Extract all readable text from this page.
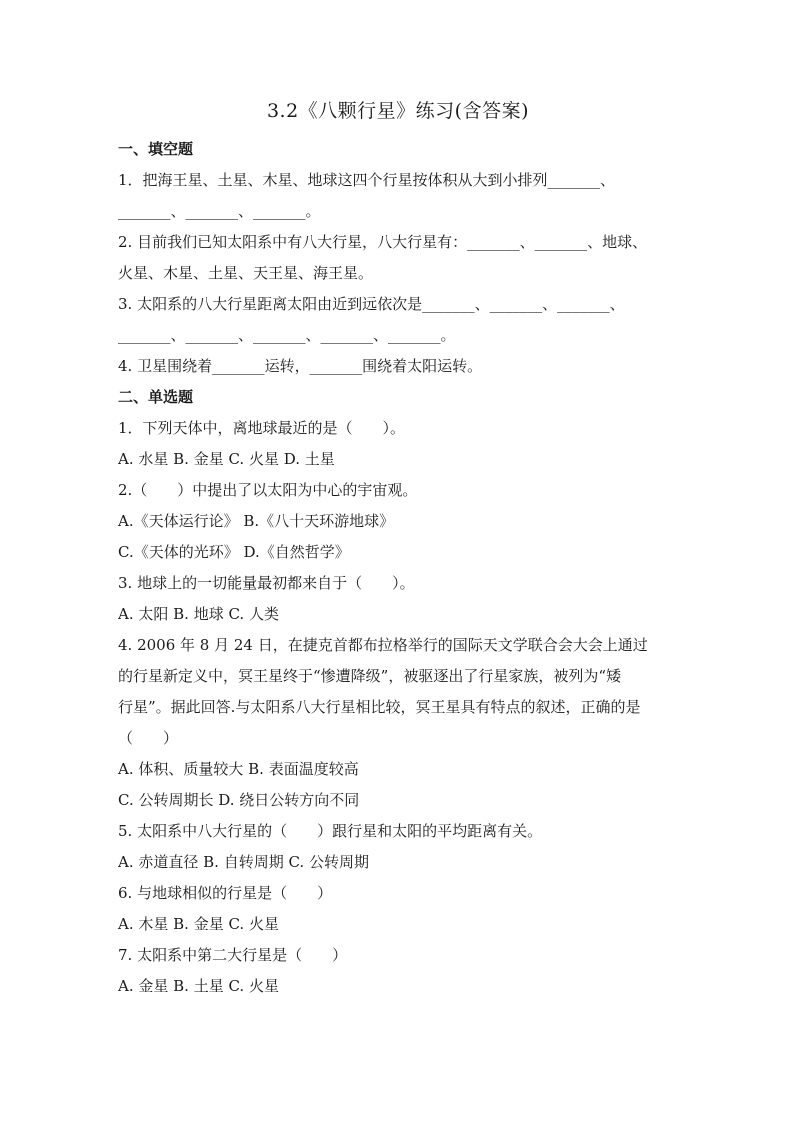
3.2《八颗行星》练习(含答案)
一、填空题

1．把海王星、土星、木星、地球这四个行星按体积从大到小排列_______、

_______、_______、_______。

2. 目前我们已知太阳系中有八大行星，八大行星有：_______、_______、地球、

火星、木星、土星、天王星、海王星。

3. 太阳系的八大行星距离太阳由近到远依次是_______、_______、_______、

_______、_______、_______、_______、_______。

4. 卫星围绕着_______运转，_______围绕着太阳运转。

二、单选题

1．下列天体中，离地球最近的是（　　）。

A. 水星 B. 金星 C. 火星 D. 土星

2.（　　）中提出了以太阳为中心的宇宙观。

A.《天体运行论》 B.《八十天环游地球》

C.《天体的光环》 D.《自然哲学》

3. 地球上的一切能量最初都来自于（　　）。

A. 太阳 B. 地球 C. 人类

4. 2006 年 8 月 24 日，在捷克首都布拉格举行的国际天文学联合会大会上通过

的行星新定义中，冥王星终于“惨遭降级”，被驱逐出了行星家族，被列为“矮

行星”。据此回答.与太阳系八大行星相比较，冥王星具有特点的叙述，正确的是

（　　）

A. 体积、质量较大 B. 表面温度较高

C. 公转周期长 D. 绕日公转方向不同

5. 太阳系中八大行星的（　　）跟行星和太阳的平均距离有关。

A. 赤道直径 B. 自转周期 C. 公转周期

6. 与地球相似的行星是（　　）

A. 木星 B. 金星 C. 火星

7. 太阳系中第二大行星是（　　）

A. 金星 B. 土星 C. 火星
